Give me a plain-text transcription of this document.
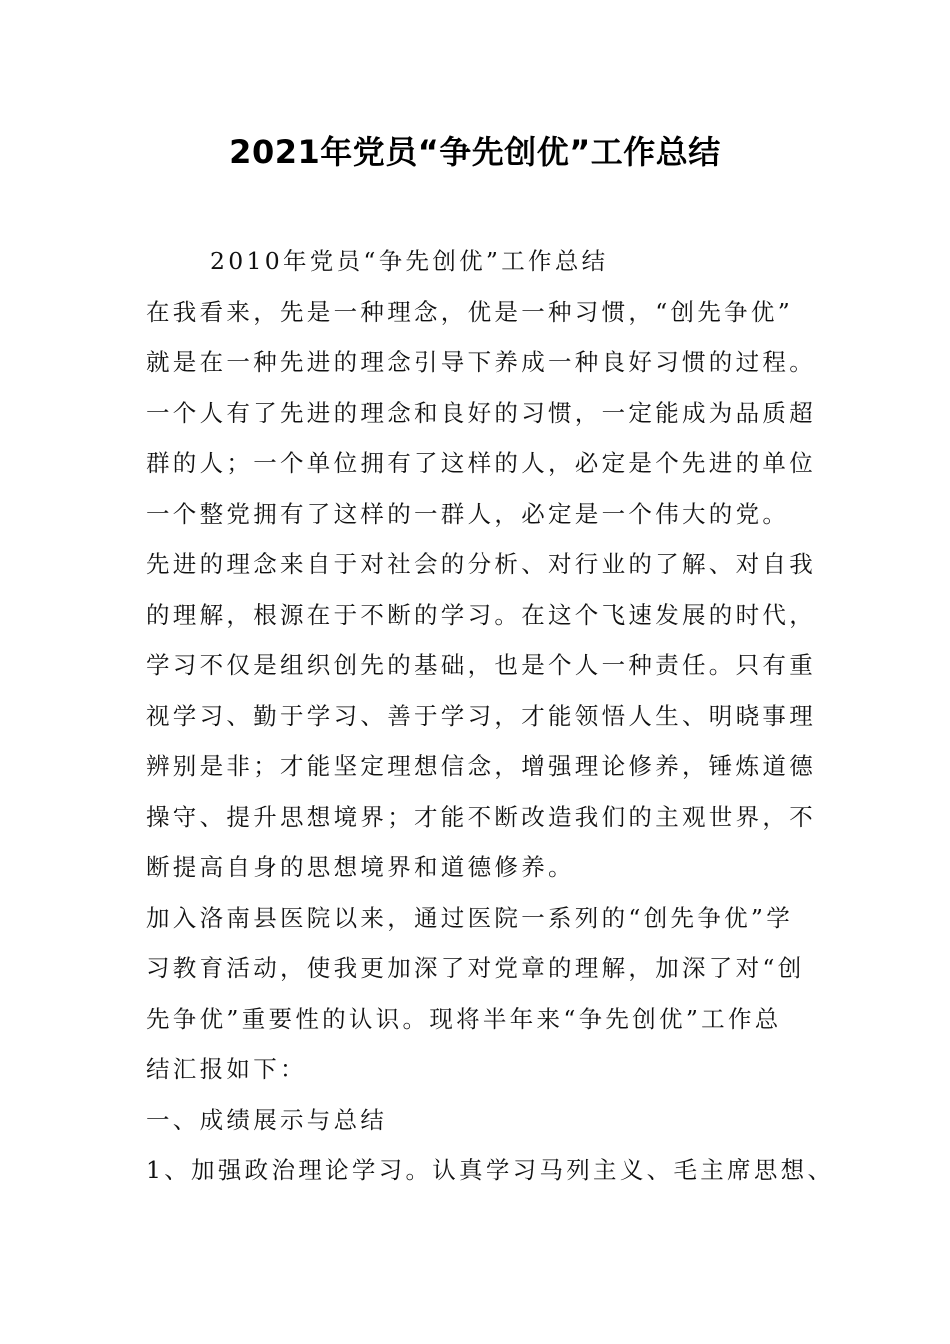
2021年党员“争先创优”工作总结
2010年党员“争先创优”工作总结
在我看来，先是一种理念，优是一种习惯，“创先争优”
就是在一种先进的理念引导下养成一种良好习惯的过程。
一个人有了先进的理念和良好的习惯，一定能成为品质超
群的人；一个单位拥有了这样的人，必定是个先进的单位
一个整党拥有了这样的一群人，必定是一个伟大的党。
先进的理念来自于对社会的分析、对行业的了解、对自我
的理解，根源在于不断的学习。在这个飞速发展的时代，
学习不仅是组织创先的基础，也是个人一种责任。只有重
视学习、勤于学习、善于学习，才能领悟人生、明晓事理
辨别是非；才能坚定理想信念，增强理论修养，锤炼道德
操守、提升思想境界；才能不断改造我们的主观世界，不
断提高自身的思想境界和道德修养。
加入洛南县医院以来，通过医院一系列的“创先争优”学
习教育活动，使我更加深了对党章的理解，加深了对“创
先争优”重要性的认识。现将半年来“争先创优”工作总
结汇报如下：
一、成绩展示与总结
1、加强政治理论学习。认真学习马列主义、毛主席思想、
